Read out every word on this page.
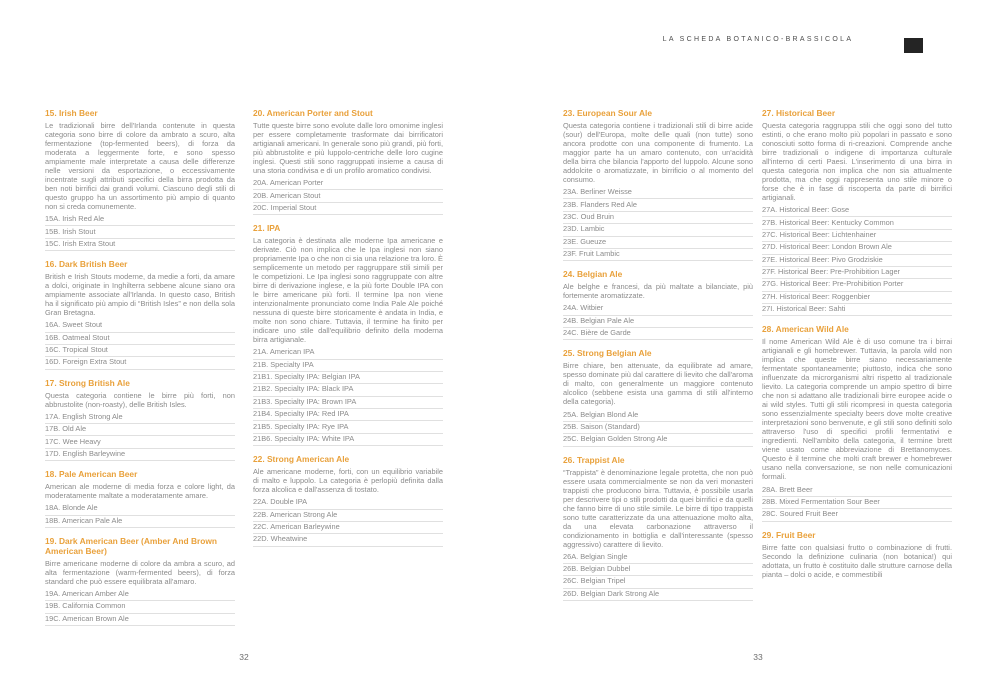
LA SCHEDA BOTANICO-BRASSICOLA
15. Irish Beer

Le tradizionali birre dell'Irlanda contenute in questa categoria sono birre di colore da ambrato a scuro, alta fermentazione (top-fermented beers), di forza da moderata a leggermente forte, e sono spesso ampiamente male interpretate a causa delle differenze nelle versioni da esportazione, o eccessivamente incentrate sugli attributi specifici della birra prodotta da ben noti birrifici dai grandi volumi. Ciascuno degli stili di questo gruppo ha un assortimento più ampio di quanto non si creda comunemente.

15A. Irish Red Ale
15B. Irish Stout
15C. Irish Extra Stout
16. Dark British Beer

British e Irish Stouts moderne, da medie a forti, da amare a dolci, originate in Inghilterra sebbene alcune siano ora ampiamente associate all'Irlanda. In questo caso, British ha il significato più ampio di “British Isles” e non della sola Gran Bretagna.

16A. Sweet Stout
16B. Oatmeal Stout
16C. Tropical Stout
16D. Foreign Extra Stout
17. Strong British Ale

Questa categoria contiene le birre più forti, non abbrustolite (non-roasty), delle British Isles.

17A. English Strong Ale
17B. Old Ale
17C. Wee Heavy
17D. English Barleywine
18. Pale American Beer

American ale moderne di media forza e colore light, da moderatamente maltate a moderatamente amare.

18A. Blonde Ale
18B. American Pale Ale
19. Dark American Beer (Amber And Brown American Beer)

Birre americane moderne di colore da ambra a scuro, ad alta fermentazione (warm-fermented beers), di forza standard che può essere equilibrata all'amaro.

19A. American Amber Ale
19B. California Common
19C. American Brown Ale
20. American Porter and Stout

Tutte queste birre sono evolute dalle loro omonime inglesi per essere completamente trasformate dai birrificatori artigianali americani. In generale sono più grandi, più forti, più abbrustolite e più luppolo-centriche delle loro cugine inglesi. Questi stili sono raggruppati insieme a causa di una storia condivisa e di un profilo aromatico condivisi.

20A. American Porter
20B. American Stout
20C. Imperial Stout
21. IPA

La categoria è destinata alle moderne Ipa americane e derivate. Ciò non implica che le Ipa inglesi non siano propriamente Ipa o che non ci sia una relazione tra loro. È semplicemente un metodo per raggruppare stili simili per le competizioni. Le Ipa inglesi sono raggruppate con altre birre di derivazione inglese, e la più forte Double IPA con le birre americane più forti. Il termine Ipa non viene intenzionalmente pronunciato come India Pale Ale poiché nessuna di queste birre storicamente è andata in India, e molte non sono chiare. Tuttavia, il termine ha finito per indicare uno stile dall'equilibrio definito della moderna birra artigianale.

21A. American IPA
21B. Specialty IPA
21B1. Specialty IPA: Belgian IPA
21B2. Specialty IPA: Black IPA
21B3. Specialty IPA: Brown IPA
21B4. Specialty IPA: Red IPA
21B5. Specialty IPA: Rye IPA
21B6. Specialty IPA: White IPA
22. Strong American Ale

Ale americane moderne, forti, con un equilibrio variabile di malto e luppolo. La categoria è perlopiù definita dalla forza alcolica e dall'assenza di tostato.

22A. Double IPA
22B. American Strong Ale
22C. American Barleywine
22D. Wheatwine
23. European Sour Ale

Questa categoria contiene i tradizionali stili di birre acide (sour) dell'Europa, molte delle quali (non tutte) sono ancora prodotte con una componente di frumento. La maggior parte ha un amaro contenuto, con un'acidità della birra che bilancia l'apporto del luppolo. Alcune sono addolcite o aromatizzate, in birrificio o al momento del consumo.

23A. Berliner Weisse
23B. Flanders Red Ale
23C. Oud Bruin
23D. Lambic
23E. Gueuze
23F. Fruit Lambic
24. Belgian Ale

Ale belghe e francesi, da più maltate a bilanciate, più fortemente aromatizzate.

24A. Witbier
24B. Belgian Pale Ale
24C. Bière de Garde
25. Strong Belgian Ale

Birre chiare, ben attenuate, da equilibrate ad amare, spesso dominate più dal carattere di lievito che dall'aroma di malto, con generalmente un maggiore contenuto alcolico (sebbene esista una gamma di stili all'interno della categoria).

25A. Belgian Blond Ale
25B. Saison (Standard)
25C. Belgian Golden Strong Ale
26. Trappist Ale

“Trappista” è denominazione legale protetta, che non può essere usata commercialmente se non da veri monasteri trappisti che producono birra. Tuttavia, è possibile usarla per descrivere tipi o stili prodotti da quei birrifici e da quelli che fanno birre di uno stile simile. Le birre di tipo trappista sono tutte caratterizzate da una attenuazione molto alta, da una elevata carbonazione attraverso il condizionamento in bottiglia e dall'interessante (spesso aggressivo) carattere di lievito.

26A. Belgian Single
26B. Belgian Dubbel
26C. Belgian Tripel
26D. Belgian Dark Strong Ale
27. Historical Beer

Questa categoria raggruppa stili che oggi sono del tutto estinti, o che erano molto più popolari in passato e sono conosciuti sotto forma di ri-creazioni. Comprende anche birre tradizionali o indigene di importanza culturale all'interno di certi Paesi. L'inserimento di una birra in questa categoria non implica che non sia attualmente prodotta, ma che oggi rappresenta uno stile minore o forse che è in fase di riscoperta da parte di birrifici artigianali.

27A. Historical Beer: Gose
27B. Historical Beer: Kentucky Common
27C. Historical Beer: Lichtenhainer
27D. Historical Beer: London Brown Ale
27E. Historical Beer: Pivo Grodziskie
27F. Historical Beer: Pre-Prohibition Lager
27G. Historical Beer: Pre-Prohibition Porter
27H. Historical Beer: Roggenbier
27I. Historical Beer: Sahti
28. American Wild Ale

Il nome American Wild Ale è di uso comune tra i birrai artigianali e gli homebrewer. Tuttavia, la parola wild non implica che queste birre siano necessariamente fermentate spontaneamente; piuttosto, indica che sono influenzate da microrganismi altri rispetto al tradizionale lievito. La categoria comprende un ampio spettro di birre che non si adattano alle tradizionali birre europee acide o ai wild styles. Tutti gli stili ricompresi in questa categoria sono essenzialmente specialty beers dove molte creative interpretazioni sono benvenute, e gli stili sono definiti solo attraverso l'uso di specifici profili fermentativi e ingredienti. Nell'ambito della categoria, il termine brett viene usato come abbreviazione di Brettanomyces. Questo è il termine che molti craft brewer e homebrewer usano nella conversazione, se non nelle comunicazioni formali.

28A. Brett Beer
28B. Mixed Fermentation Sour Beer
28C. Soured Fruit Beer
29. Fruit Beer

Birre fatte con qualsiasi frutto o combinazione di frutti. Secondo la definizione culinaria (non botanica!) qui adottata, un frutto è costituito dalle strutture carnose della pianta – dolci o acide, e commestibili

32	33
